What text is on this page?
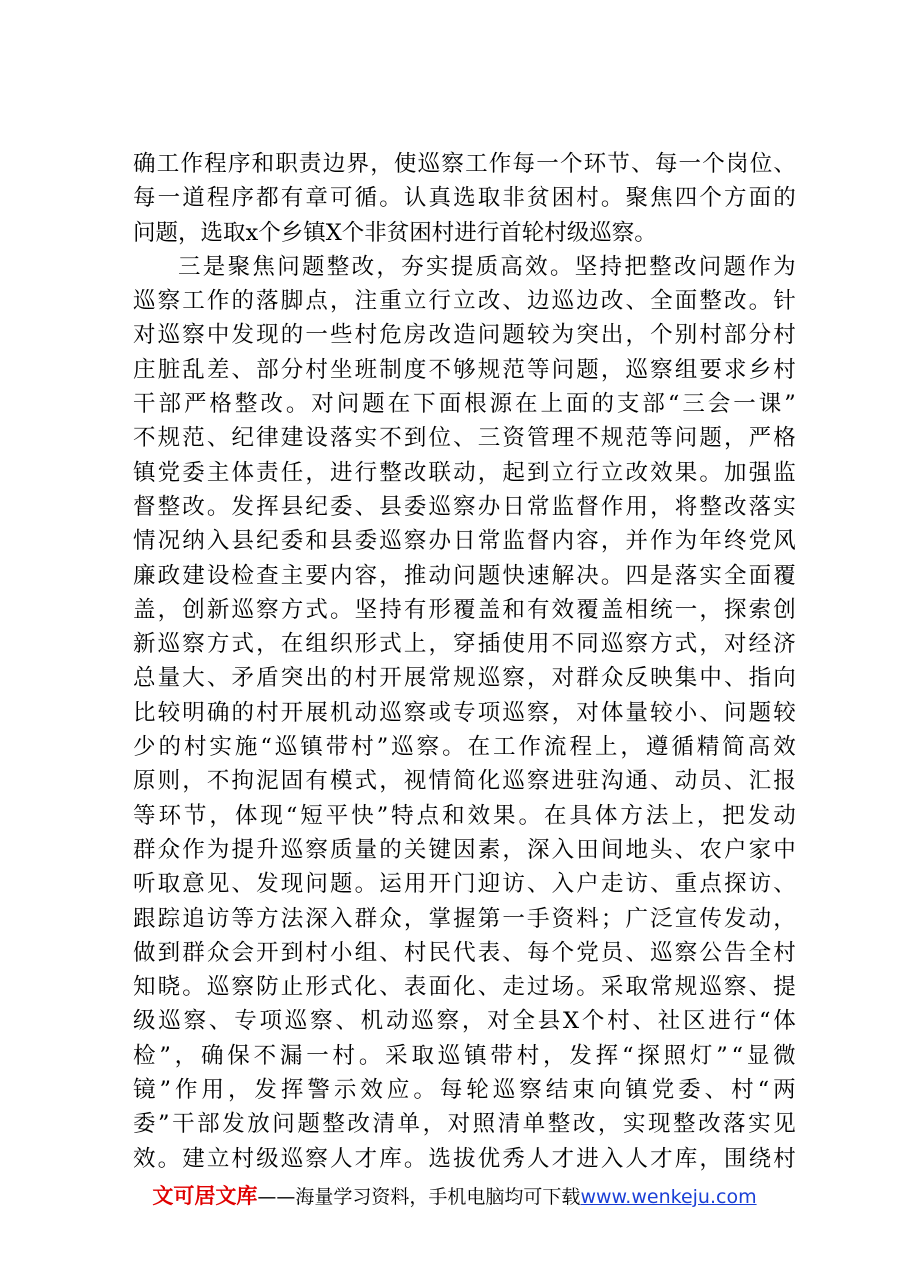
确 工 作 程 序 和 职 责 边 界 ， 使 巡 察 工 作 每 一 个 环 节 、 每 一 个 岗 位 、
每 一 道 程 序 都 有 章 可 循 。 认 真 选 取 非 贫 困 村 。 聚 焦 四 个 方 面 的
问题，选取x个乡镇X个非贫困村进行首轮村级巡察。
三 是 聚 焦 问 题 整 改 ， 夯 实 提 质 高 效 。 坚 持 把 整 改 问 题 作 为
巡 察 工 作 的 落 脚 点 ， 注 重 立 行 立 改 、 边 巡 边 改 、 全 面 整 改 。 针
对 巡 察 中 发 现 的 一 些 村 危 房 改 造 问 题 较 为 突 出 ， 个 别 村 部 分 村
庄 脏 乱 差 、 部 分 村 坐 班 制 度 不 够 规 范 等 问 题 ， 巡 察 组 要 求 乡 村
干 部 严 格 整 改 。 对 问 题 在 下 面 根 源 在 上 面 的 支 部 “ 三 会 一 课 ”
不 规 范 、 纪 律 建 设 落 实 不 到 位 、 三 资 管 理 不 规 范 等 问 题 ， 严 格
镇 党 委 主 体 责 任 ， 进 行 整 改 联 动 ， 起 到 立 行 立 改 效 果 。 加 强 监
督 整 改 。 发 挥 县 纪 委 、 县 委 巡 察 办 日 常 监 督 作 用 ， 将 整 改 落 实
情 况 纳 入 县 纪 委 和 县 委 巡 察 办 日 常 监 督 内 容 ， 并 作 为 年 终 党 风
廉 政 建 设 检 查 主 要 内 容 ， 推 动 问 题 快 速 解 决 。 四 是 落 实 全 面 覆
盖 ， 创 新 巡 察 方 式 。 坚 持 有 形 覆 盖 和 有 效 覆 盖 相 统 一 ， 探 索 创
新 巡 察 方 式 ， 在 组 织 形 式 上 ， 穿 插 使 用 不 同 巡 察 方 式 ， 对 经 济
总 量 大 、 矛 盾 突 出 的 村 开 展 常 规 巡 察 ， 对 群 众 反 映 集 中 、 指 向
比 较 明 确 的 村 开 展 机 动 巡 察 或 专 项 巡 察 ， 对 体 量 较 小 、 问 题 较
少 的 村 实 施 “ 巡 镇 带 村 ” 巡 察 。 在 工 作 流 程 上 ， 遵 循 精 简 高 效
原 则 ， 不 拘 泥 固 有 模 式 ， 视 情 简 化 巡 察 进 驻 沟 通 、 动 员 、 汇 报
等 环 节 ， 体 现 “ 短 平 快 ” 特 点 和 效 果 。 在 具 体 方 法 上 ， 把 发 动
群 众 作 为 提 升 巡 察 质 量 的 关 键 因 素 ， 深 入 田 间 地 头 、 农 户 家 中
听 取 意 见 、 发 现 问 题 。 运 用 开 门 迎 访 、 入 户 走 访 、 重 点 探 访 、
跟 踪 追 访 等 方 法 深 入 群 众 ， 掌 握 第 一 手 资 料 ； 广 泛 宣 传 发 动 ，
做 到 群 众 会 开 到 村 小 组 、 村 民 代 表 、 每 个 党 员 、 巡 察 公 告 全 村
知 晓 。 巡 察 防 止 形 式 化 、 表 面 化 、 走 过 场 。 采 取 常 规 巡 察 、 提
级 巡 察 、 专 项 巡 察 、 机 动 巡 察 ， 对 全 县 X 个 村 、 社 区 进 行 “ 体
检 ” ， 确 保 不 漏 一 村 。 采 取 巡 镇 带 村 ， 发 挥 “ 探 照 灯 ” “ 显 微
镜 ” 作 用 ， 发 挥 警 示 效 应 。 每 轮 巡 察 结 束 向 镇 党 委 、 村 “ 两
委 ” 干 部 发 放 问 题 整 改 清 单 ， 对 照 清 单 整 改 ， 实 现 整 改 落 实 见
效 。 建 立 村 级 巡 察 人 才 库 。 选 拔 优 秀 人 才 进 入 人 才 库 ， 围 绕 村
文可居文库——海量学习资料，手机电脑均可下载www.wenkeju.com
